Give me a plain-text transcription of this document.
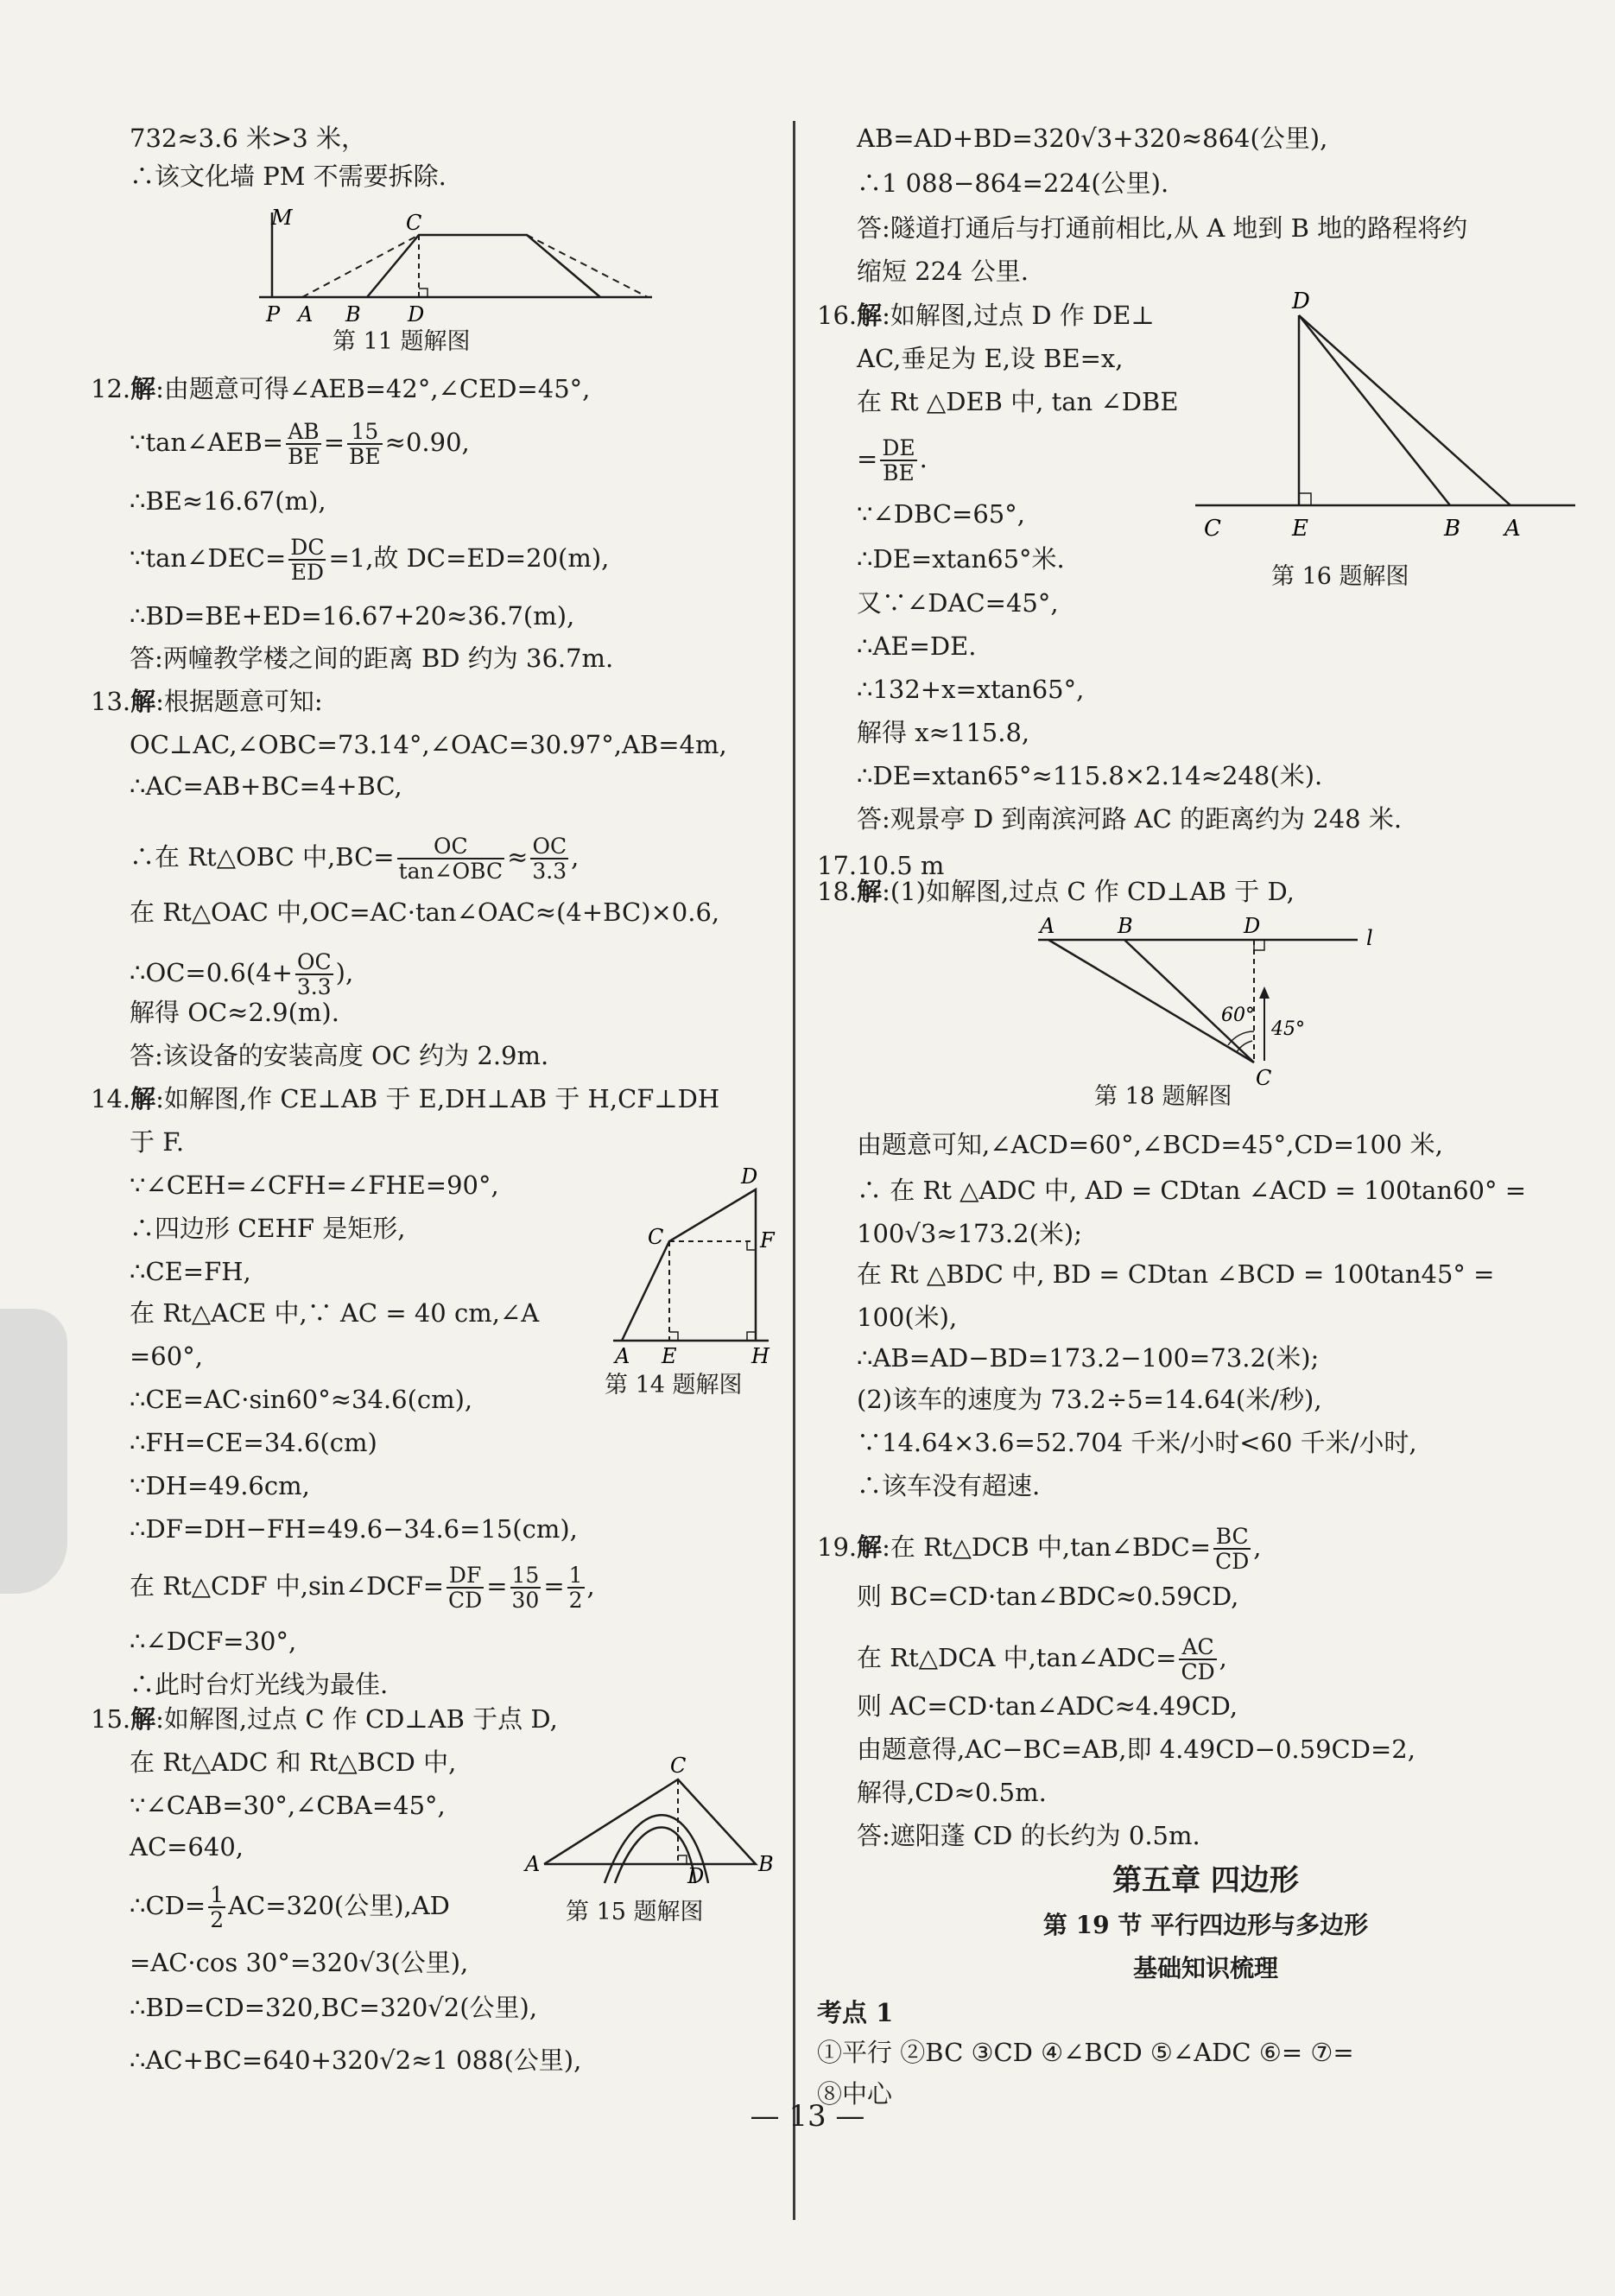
732≈3.6 米>3 米，
∴该文化墙 PM 不需要拆除.
M	C
P A B D
第 11 题解图
12.解:由题意可得∠AEB=42°,∠CED=45°,
∵tan∠AEB= $\frac{AB}{BE} = \frac{15}{BE} \approx 0.90$,
∴BE≈16.67(m),
∵tan∠DEC= $\frac{DC}{ED} =1$,故 DC=ED=20(m),
∴BD=BE+ED=16.67+20≈36.7(m),
答:两幢教学楼之间的距离 BD 约为 36.7m.
13.解:根据题意可知:
OC⊥AC,∠OBC=73.14°,∠OAC=30.97°,AB=4m,
∴AC=AB+BC=4+BC,
∴在 Rt△OBC 中$,BC= \frac{OC}{\text{tan∠OBC}} \approx \frac{OC}{3.3}$ ,
在 Rt△OAC 中,OC=AC·tan∠OAC≈(4+BC)×0.6,
∴OC=0.6(4+ $\frac{OC}{3.3}$ ),
解得 OC≈2.9(m).
答:该设备的安装高度 OC 约为 2.9m.
14.解:如解图,作 CE⊥AB 于 E,DH⊥AB 于 H,CF⊥DH
于 F.
∵∠CEH=∠CFH=∠FHE=90°,
∴四边形 CEHF 是矩形,
∴CE=FH,
在 Rt△ACE 中,∵ AC = 40 cm,∠A
=60°,
∴CE=AC·sin60°≈34.6(cm),
∴FH=CE=34.6(cm)
∵DH=49.6cm,
∴DF=DH−FH=49.6−34.6=15(cm),
在 Rt△CDF 中,sin∠DCF= $\frac{DF}{CD} = \frac{15}{30} = \frac{1}{2}$ ,
∴∠DCF=30°,
∴此时台灯光线为最佳.
D
C	F
A E	H
第 14 题解图
15.解:如解图,过点 C 作 CD⊥AB 于点 D,
在 Rt△ADC 和 Rt△BCD 中,
∵∠CAB=30°,∠CBA=45°,
AC=640,
∴CD= $\frac{1}{2} AC=320$(公里),AD
=AC·cos 30°=320√3(公里),
∴BD=CD=320,BC=320√2(公里),
∴AC+BC=640+320√2≈1 088(公里),
C
A	D	B
第 15 题解图
AB=AD+BD=320√3+320≈864(公里),
∴1 088−864=224(公里).
答:隧道打通后与打通前相比,从 A 地到 B 地的路程将约
缩短 224 公里.
16.解:如解图,过点 D 作 DE⊥
AC,垂足为 E,设 BE=x,
在 Rt △DEB 中, tan ∠DBE
= $\frac{DE}{BE}$ .
∵∠DBC=65°,
∴DE=xtan65°米.
又∵∠DAC=45°,
∴AE=DE.
∴132+x=xtan65°,
解得 x≈115.8,
∴DE=xtan65°≈115.8×2.14≈248(米).
答:观景亭 D 到南滨河路 AC 的距离约为 248 米.
D
C	E	B A
第 16 题解图
17.10.5 m
18.解:(1)如解图,过点 C 作 CD⊥AB 于 D,
A	B	D	l
C
60°
45°
第 18 题解图
由题意可知,∠ACD=60°,∠BCD=45°,CD=100 米,
∴ 在 Rt △ADC 中, AD = CDtan ∠ACD = 100tan60° =
100√3≈173.2(米);
在 Rt △BDC 中, BD = CDtan ∠BCD = 100tan45° =
100(米),
∴AB=AD−BD=173.2−100=73.2(米);
(2)该车的速度为 73.2÷5=14.64(米/秒),
∵14.64×3.6=52.704 千米/小时<60 千米/小时,
∴该车没有超速.
19.解:在 Rt△DCB 中,tan∠BDC= $\frac{BC}{CD}$ ,
则 BC=CD·tan∠BDC≈0.59CD,
在 Rt△DCA 中,tan∠ADC= $\frac{AC}{CD}$ ,
则 AC=CD·tan∠ADC≈4.49CD,
由题意得,AC−BC=AB,即 4.49CD−0.59CD=2,
解得,CD≈0.5m.
答:遮阳蓬 CD 的长约为 0.5m.
第五章 四边形
第 19 节 平行四边形与多边形
基础知识梳理
考点 1
①平行 ②BC ③CD ④∠BCD ⑤∠ADC ⑥= ⑦=
⑧中心
— 13 —
